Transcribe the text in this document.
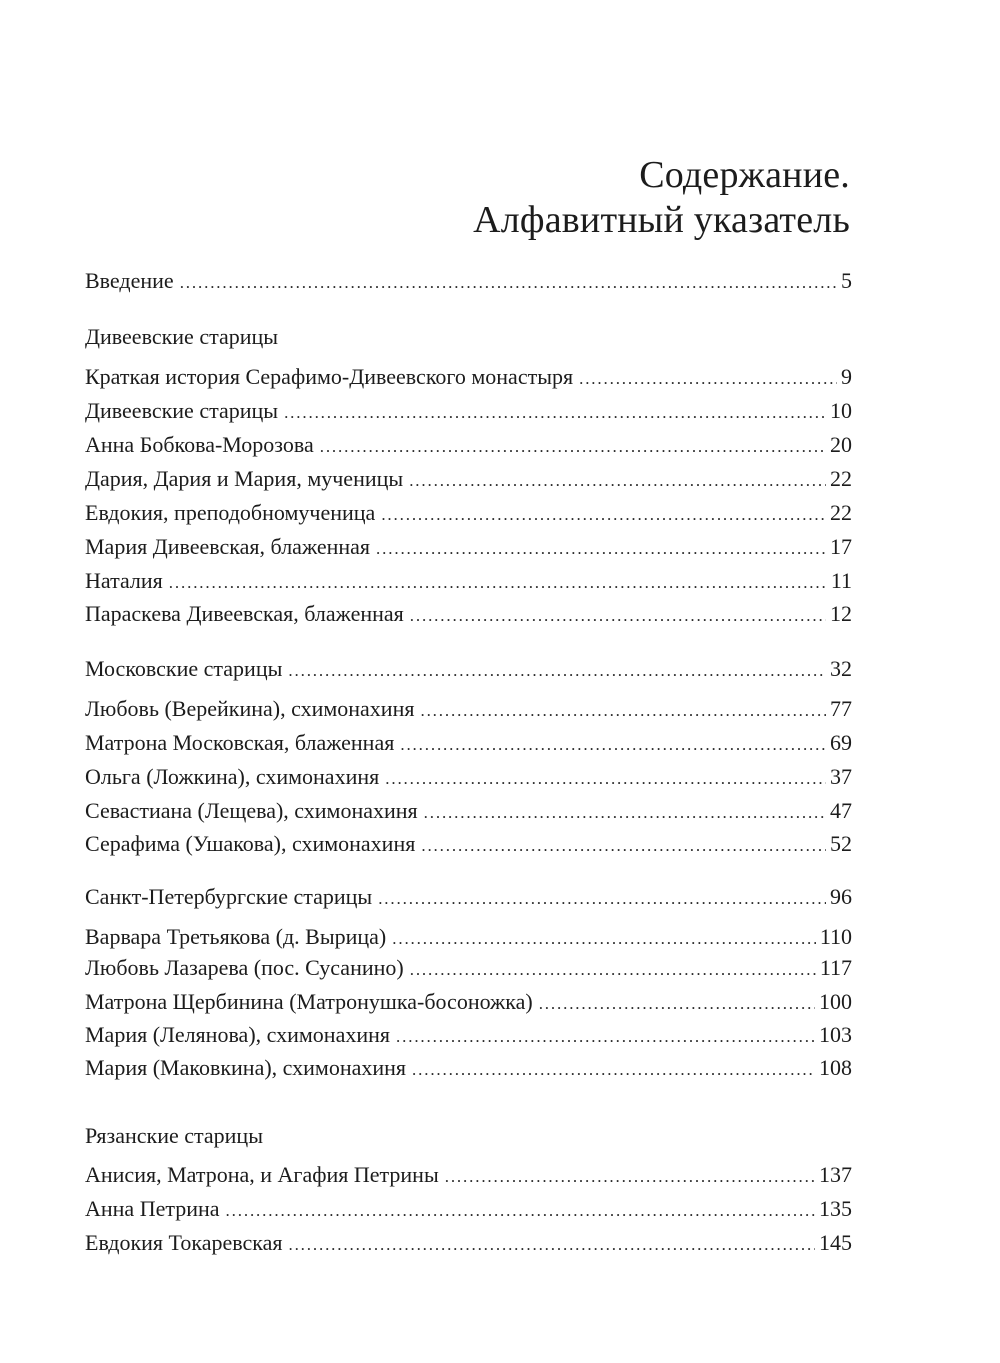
Содержание.
Алфавитный указатель
Введение . . .	5
Дивеевские старицы
Краткая история Серафимо-Дивеевского монастыря . . .	9
Дивеевские старицы . . .	10
Анна Бобкова-Морозова . . .	20
Дария, Дария и Мария, мученицы . . .	22
Евдокия, преподобномученица . . .	22
Мария Дивеевская, блаженная . . .	17
Наталия . . .	11
Параскева Дивеевская, блаженная . . .	12
Московские старицы . . .	32
Любовь (Верейкина), схимонахиня . . .	77
Матрона Московская, блаженная . . .	69
Ольга (Ложкина), схимонахиня . . .	37
Севастиана (Лещева), схимонахиня . . .	47
Серафима (Ушакова), схимонахиня . . .	52
Санкт-Петербургские старицы . . .	96
Варвара Третьякова (д. Вырица) . . .	110
Любовь Лазарева (пос. Сусанино) . . .	117
Матрона Щербинина (Матронушка-босоножка) . . .	100
Мария (Лелянова), схимонахиня . . .	103
Мария (Маковкина), схимонахиня . . .	108
Рязанские старицы
Анисия, Матрона, и Агафия Петрины . . .	137
Анна Петрина . . .	135
Евдокия Токаревская . . .	145
